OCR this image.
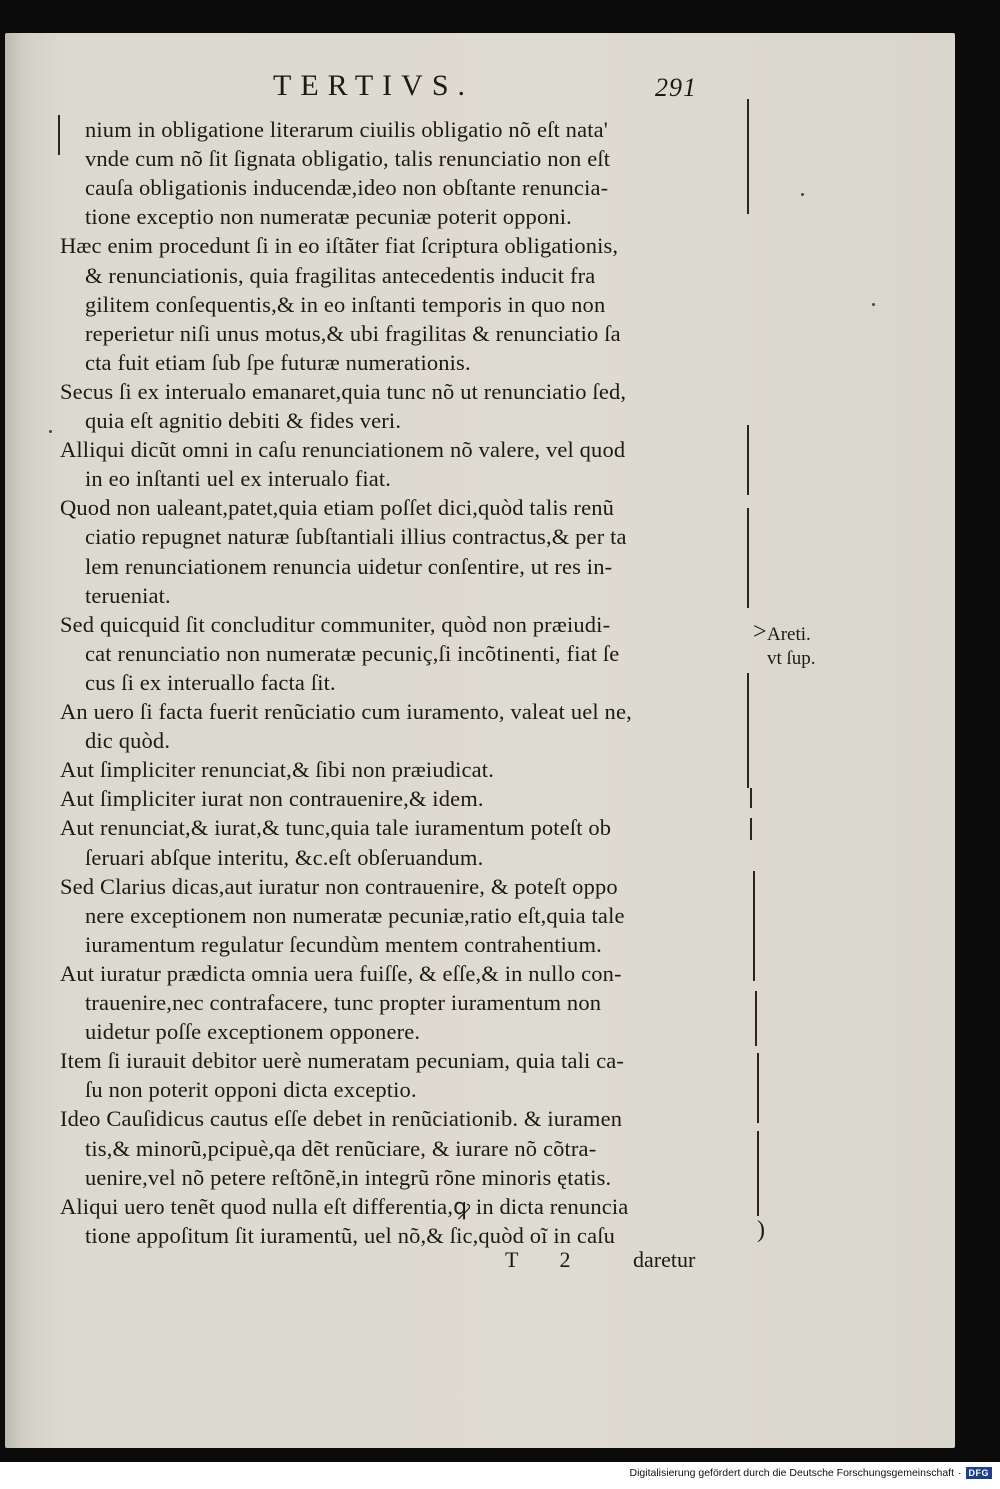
TERTIVS.	291
nium in obligatione literarum ciuilis obligatio nõ eſt nata'
vnde cum nõ ſit ſignata obligatio, talis renunciatio non eſt
cauſa obligationis inducendæ,ideo non obſtante renuncia-
tione exceptio non numeratæ pecuniæ poterit opponi.
Hæc enim procedunt ſi in eo iſtãter fiat ſcriptura obligationis,
& renunciationis, quia fragilitas antecedentis inducit fra
gilitem conſequentis,& in eo inſtanti temporis in quo non
reperietur niſi unus motus,& ubi fragilitas & renunciatio ſa
cta fuit etiam ſub ſpe futuræ numerationis.
Secus ſi ex interualo emanaret,quia tunc nõ ut renunciatio ſed,
quia eſt agnitio debiti & fides veri.
Alliqui dicũt omni in caſu renunciationem nõ valere, vel quod
in eo inſtanti uel ex interualo fiat.
Quod non ualeant,patet,quia etiam poſſet dici,quòd talis renũ
ciatio repugnet naturæ ſubſtantiali illius contractus,& per ta
lem renunciationem renuncia uidetur conſentire, ut res in-
terueniat.
Sed quicquid ſit concluditur communiter, quòd non præiudi-
cat renunciatio non numeratæ pecuniç,ſi incõtinenti, fiat ſe
cus ſi ex interuallo facta ſit.
An uero ſi facta fuerit renũciatio cum iuramento, valeat uel ne,
dic quòd.
Aut ſimpliciter renunciat,& ſibi non præiudicat.
Aut ſimpliciter iurat non contrauenire,& idem.
Aut renunciat,& iurat,& tunc,quia tale iuramentum poteſt ob
ſeruari abſque interitu, &c.eſt obſeruandum.
Sed Clarius dicas,aut iuratur non contrauenire, & poteſt oppo
nere exceptionem non numeratæ pecuniæ,ratio eſt,quia tale
iuramentum regulatur ſecundùm mentem contrahentium.
Aut iuratur prædicta omnia uera fuiſſe, & eſſe,& in nullo con-
trauenire,nec contrafacere, tunc propter iuramentum non
uidetur poſſe exceptionem opponere.
Item ſi iurauit debitor uerè numeratam pecuniam, quia tali ca-
ſu non poterit opponi dicta exceptio.
Ideo Cauſidicus cautus eſſe debet in renũciationib. & iuramen
tis,& minorũ,pcipuè,qa dẽt renũciare, & iurare nõ cõtra-
uenire,vel nõ petere reſtõnẽ,in integrũ rõne minoris ętatis.
Aliqui uero tenẽt quod nulla eſt differentia,ꝙ in dicta renuncia
tione appoſitum ſit iuramentũ, uel nõ,& ſic,quòd oĩ in caſu
>
)
Areti.
vt ſup.
T 2 daretur
Digitalisierung gefördert durch die Deutsche Forschungsgemeinschaft · DFG
